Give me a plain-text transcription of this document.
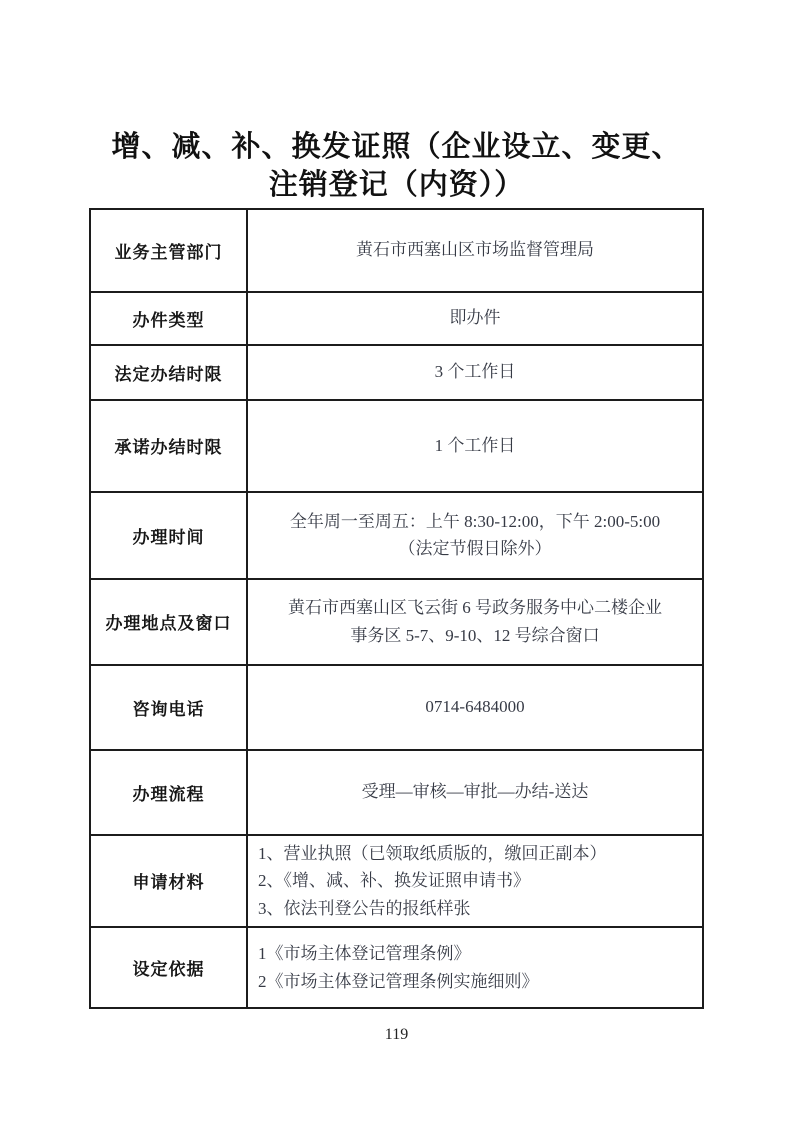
增、减、补、换发证照（企业设立、变更、
注销登记（内资））
业务主管部门	黄石市西塞山区市场监督管理局
办件类型	即办件
法定办结时限	3 个工作日
承诺办结时限	1 个工作日
办理时间	全年周一至周五：上午 8:30-12:00，下午 2:00-5:00
（法定节假日除外）

办理地点及窗口	黄石市西塞山区飞云街 6 号政务服务中心二楼企业
事务区 5-7、9-10、12 号综合窗口

咨询电话	0714-6484000
办理流程	受理—审核—审批—办结-送达
申请材料	1、营业执照（已领取纸质版的，缴回正副本）
2、《增、减、补、换发证照申请书》
3、依法刊登公告的报纸样张

设定依据	1《市场主体登记管理条例》
2《市场主体登记管理条例实施细则》
119
